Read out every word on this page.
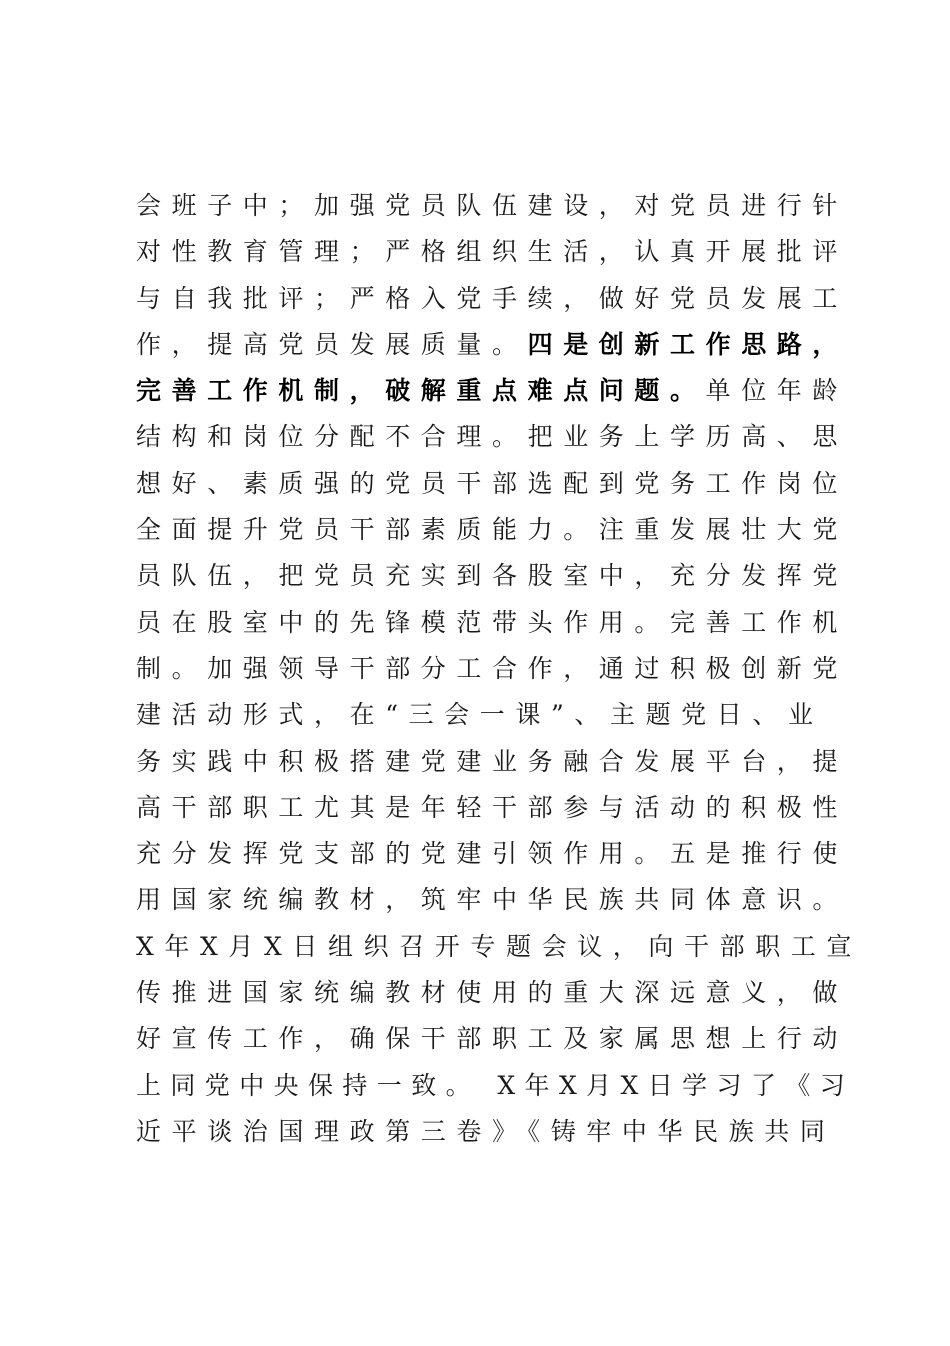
会班子中；加强党员队伍建设，对党员进行针
对性教育管理；严格组织生活，认真开展批评
与自我批评；严格入党手续，做好党员发展工
作，提高党员发展质量。四是创新工作思路，
完善工作机制，破解重点难点问题。单位年龄
结构和岗位分配不合理。把业务上学历高、思
想好、素质强的党员干部选配到党务工作岗位
全面提升党员干部素质能力。注重发展壮大党
员队伍，把党员充实到各股室中，充分发挥党
员在股室中的先锋模范带头作用。完善工作机
制。加强领导干部分工合作，通过积极创新党
建活动形式，在“三会一课”、主题党日、业
务实践中积极搭建党建业务融合发展平台，提
高干部职工尤其是年轻干部参与活动的积极性
充分发挥党支部的党建引领作用。五是推行使
用国家统编教材，筑牢中华民族共同体意识。
X年X月X日组织召开专题会议，向干部职工宣
传推进国家统编教材使用的重大深远意义，做
好宣传工作，确保干部职工及家属思想上行动
上同党中央保持一致。 X年X月X日学习了《习
近平谈治国理政第三卷》《铸牢中华民族共同
